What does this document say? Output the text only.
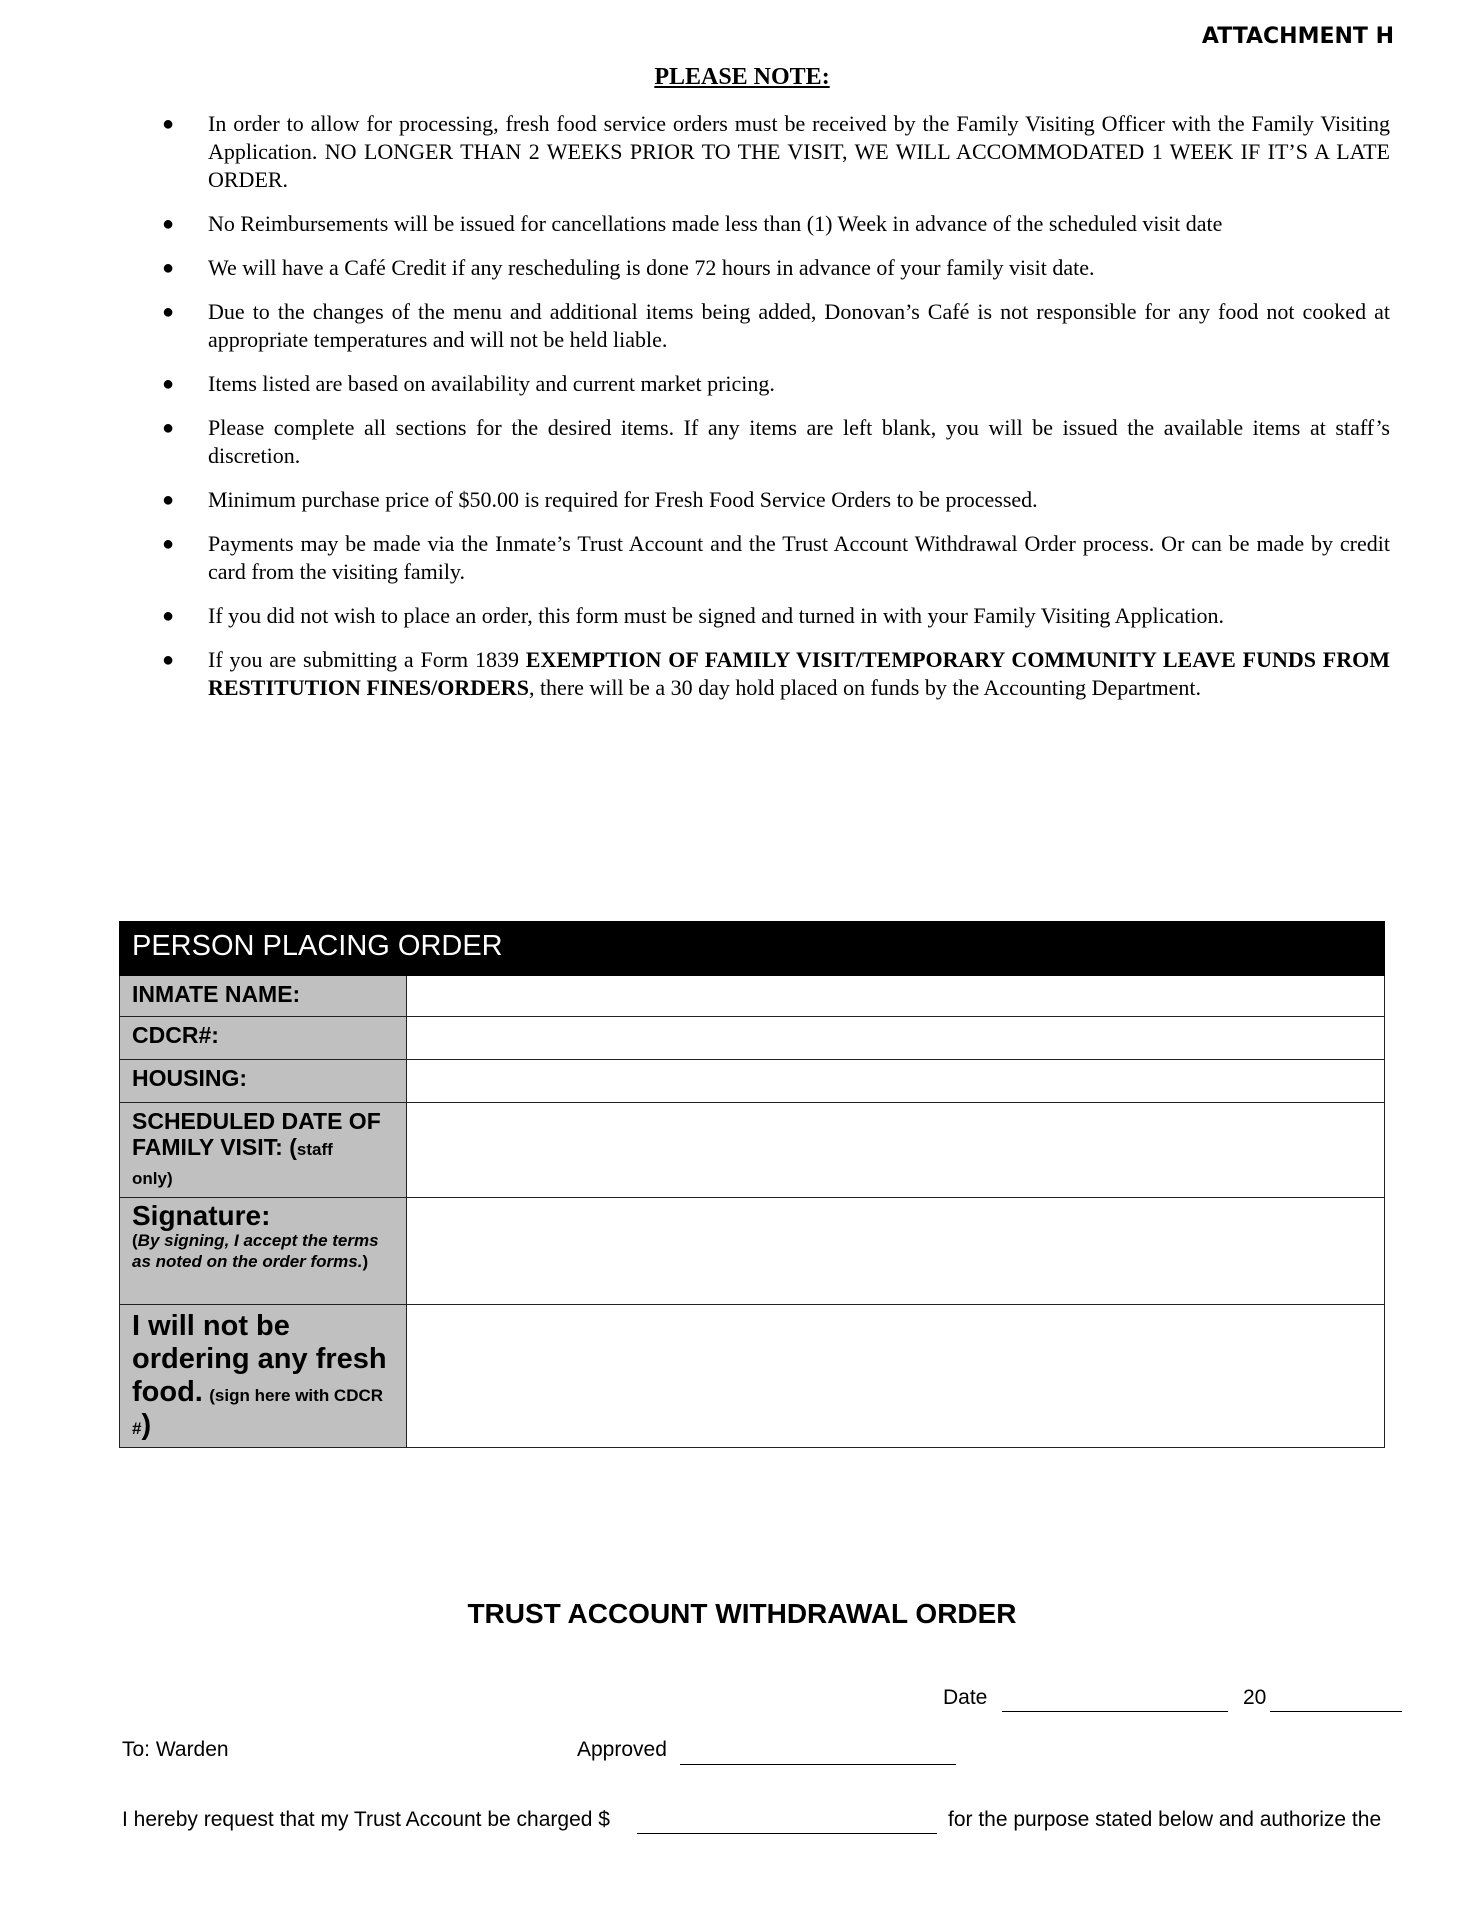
ATTACHMENT H
PLEASE NOTE:
● In order to allow for processing, fresh food service orders must be received by the Family Visiting Officer with the Family Visiting Application. NO LONGER THAN 2 WEEKS PRIOR TO THE VISIT, WE WILL ACCOMMODATED 1 WEEK IF IT’S A LATE ORDER.
● No Reimbursements will be issued for cancellations made less than (1) Week in advance of the scheduled visit date
● We will have a Café Credit if any rescheduling is done 72 hours in advance of your family visit date.
● Due to the changes of the menu and additional items being added, Donovan’s Café is not responsible for any food not cooked at appropriate temperatures and will not be held liable.
● Items listed are based on availability and current market pricing.
● Please complete all sections for the desired items. If any items are left blank, you will be issued the available items at staff’s discretion.
● Minimum purchase price of $50.00 is required for Fresh Food Service Orders to be processed.
● Payments may be made via the Inmate’s Trust Account and the Trust Account Withdrawal Order process. Or can be made by credit card from the visiting family.
● If you did not wish to place an order, this form must be signed and turned in with your Family Visiting Application.
● If you are submitting a Form 1839 EXEMPTION OF FAMILY VISIT/TEMPORARY COMMUNITY LEAVE FUNDS FROM RESTITUTION FINES/ORDERS, there will be a 30 day hold placed on funds by the Accounting Department.
PERSON PLACING ORDER	
INMATE NAME:	
CDCR#:	
HOUSING:	
SCHEDULED DATE OF FAMILY VISIT: (staff
only)	
Signature:
(By signing, I accept the terms as noted on the order forms.)	

I will not be ordering any fresh food. (sign here with CDCR #)	
TRUST ACCOUNT WITHDRAWAL ORDER
Date	20
To: Warden	Approved
I hereby request that my Trust Account be charged $	for the purpose stated below and authorize the
